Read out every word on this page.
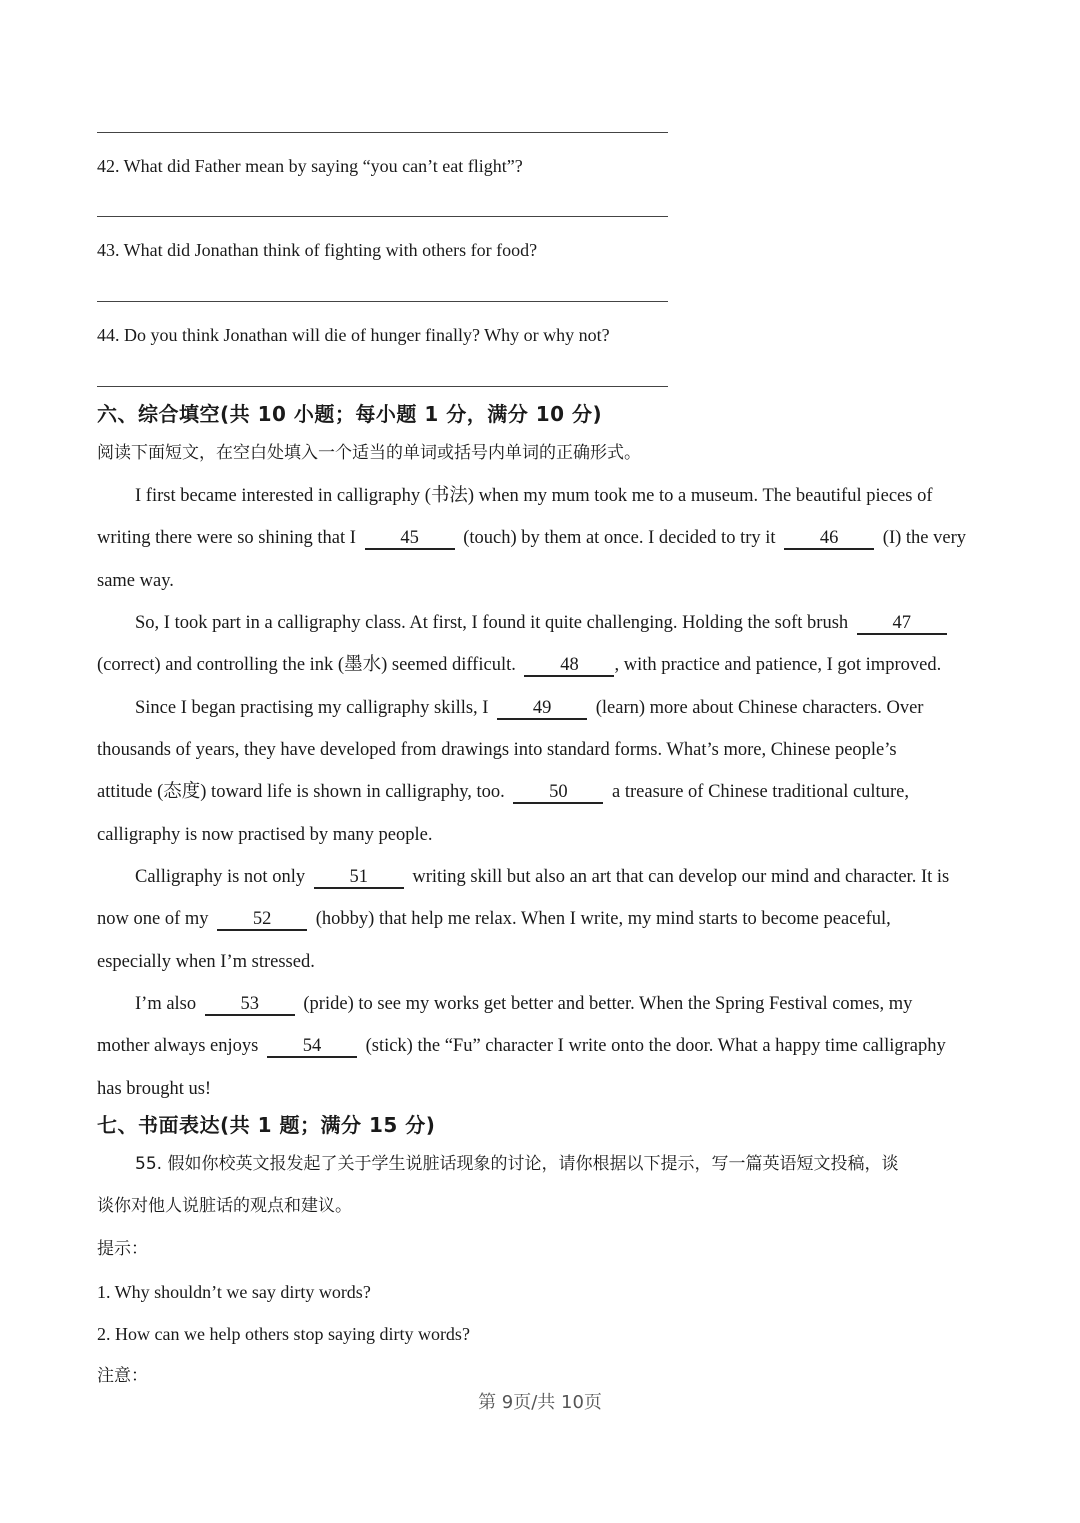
42. What did Father mean by saying “you can’t eat flight”?
43. What did Jonathan think of fighting with others for food?
44. Do you think Jonathan will die of hunger finally? Why or why not?
六、综合填空(共 10 小题；每小题 1 分，满分 10 分)
阅读下面短文，在空白处填入一个适当的单词或括号内单词的正确形式。
I first became interested in calligraphy (书法) when my mum took me to a museum. The beautiful pieces of
writing there were so shining that I 45 (touch) by them at once. I decided to try it 46 (I) the very
same way.
So, I took part in a calligraphy class. At first, I found it quite challenging. Holding the soft brush 47
(correct) and controlling the ink (墨水) seemed difficult. 48 , with practice and patience, I got improved.
Since I began practising my calligraphy skills, I 49 (learn) more about Chinese characters. Over
thousands of years, they have developed from drawings into standard forms. What’s more, Chinese people’s
attitude (态度) toward life is shown in calligraphy, too. 50 a treasure of Chinese traditional culture,
calligraphy is now practised by many people.
Calligraphy is not only 51 writing skill but also an art that can develop our mind and character. It is
now one of my 52 (hobby) that help me relax. When I write, my mind starts to become peaceful,
especially when I’m stressed.
I’m also 53 (pride) to see my works get better and better. When the Spring Festival comes, my
mother always enjoys 54 (stick) the “Fu” character I write onto the door. What a happy time calligraphy
has brought us!
七、书面表达(共 1 题；满分 15 分)
55. 假如你校英文报发起了关于学生说脏话现象的讨论，请你根据以下提示，写一篇英语短文投稿，谈
谈你对他人说脏话的观点和建议。
提示：
1. Why shouldn’t we say dirty words?
2. How can we help others stop saying dirty words?
注意：
第 9页/共 10页
